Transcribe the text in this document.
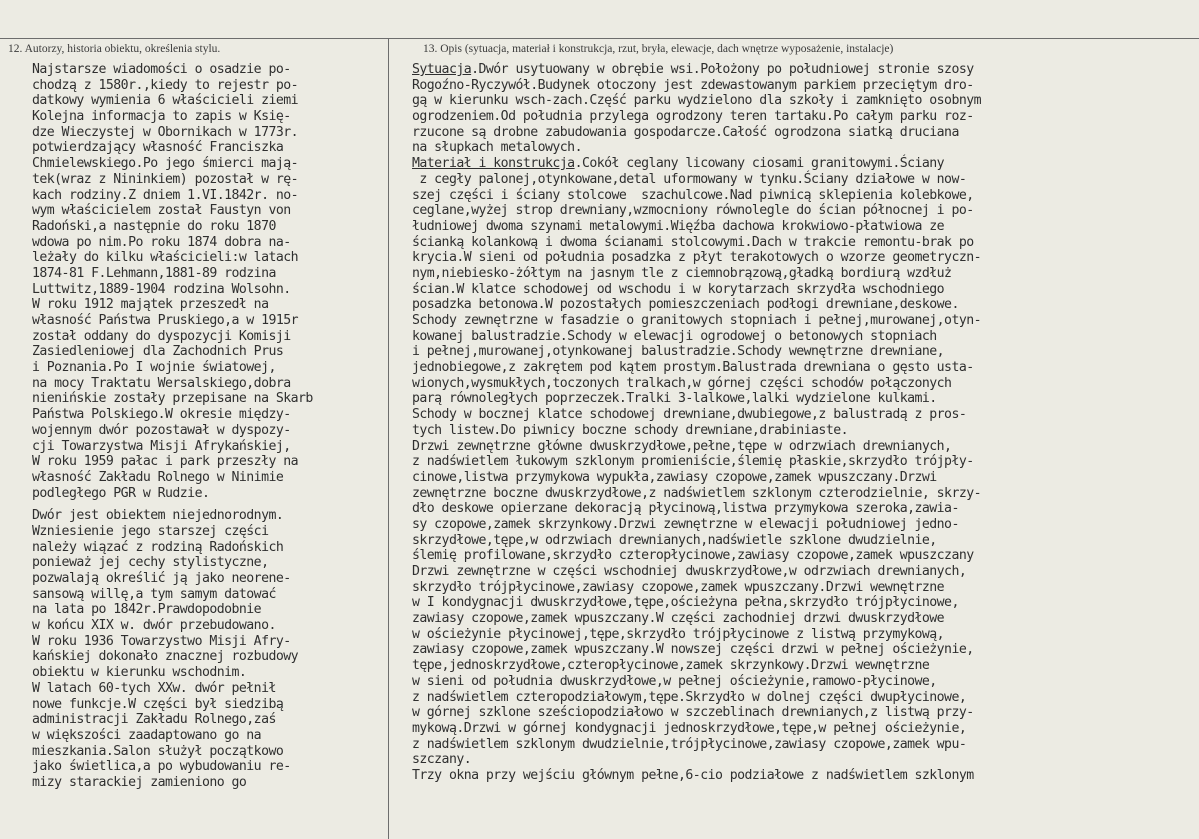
12. Autorzy, historia obiektu, określenia stylu.	13. Opis (sytuacja, materiał i konstrukcja, rzut, bryła, elewacje, dach wnętrze wyposażenie, instalacje)
Najstarsze wiadomości o osadzie po-
chodzą z 1580r.,kiedy to rejestr po-
datkowy wymienia 6 właścicieli ziemi
Kolejna informacja to zapis w Księ-
dze Wieczystej w Obornikach w 1773r.
potwierdzający własność Franciszka
Chmielewskiego.Po jego śmierci mają-
tek(wraz z Nininkiem) pozostał w rę-
kach rodziny.Z dniem 1.VI.1842r. no-
wym właścicielem został Faustyn von
Radoński,a następnie do roku 1870
wdowa po nim.Po roku 1874 dobra na-
leżały do kilku właścicieli:w latach
1874-81 F.Lehmann,1881-89 rodzina
Luttwitz,1889-1904 rodzina Wolsohn.
W roku 1912 majątek przeszedł na
własność Państwa Pruskiego,a w 1915r
został oddany do dyspozycji Komisji
Zasiedleniowej dla Zachodnich Prus
i Poznania.Po I wojnie światowej,
na mocy Traktatu Wersalskiego,dobra
nienińskie zostały przepisane na Skarb
Państwa Polskiego.W okresie między-
wojennym dwór pozostawał w dyspozy-
cji Towarzystwa Misji Afrykańskiej,
W roku 1959 pałac i park przeszły na
własność Zakładu Rolnego w Ninimie
podległego PGR w Rudzie.
Dwór jest obiektem niejednorodnym.
Wzniesienie jego starszej części
należy wiązać z rodziną Radońskich
ponieważ jej cechy stylistyczne,
pozwalają określić ją jako neorene-
sansową willę,a tym samym datować
na lata po 1842r.Prawdopodobnie
w końcu XIX w. dwór przebudowano.
W roku 1936 Towarzystwo Misji Afry-
kańskiej dokonało znacznej rozbudowy
obiektu w kierunku wschodnim.
W latach 60-tych XXw. dwór pełnił
nowe funkcje.W części był siedzibą
administracji Zakładu Rolnego,zaś
w większości zaadaptowano go na
mieszkania.Salon służył początkowo
jako świetlica,a po wybudowaniu re-
mizy starackiej zamieniono go
Sytuacja.Dwór usytuowany w obrębie wsi.Położony po południowej stronie szosy
Rogoźno-Ryczywół.Budynek otoczony jest zdewastowanym parkiem przeciętym dro-
gą w kierunku wsch-zach.Część parku wydzielono dla szkoły i zamknięto osobnym
ogrodzeniem.Od południa przylega ogrodzony teren tartaku.Po całym parku roz-
rzucone są drobne zabudowania gospodarcze.Całość ogrodzona siatką druciana
na słupkach metalowych.
Materiał i konstrukcja.Cokół ceglany licowany ciosami granitowymi.Ściany
z cegły palonej,otynkowane,detal uformowany w tynku.Ściany działowe w now-
szej części i ściany stolcowe  szachulcowe.Nad piwnicą sklepienia kolebkowe,
ceglane,wyżej strop drewniany,wzmocniony równolegle do ścian północnej i po-
łudniowej dwoma szynami metalowymi.Więźba dachowa krokwiowo-płatwiowa ze
ścianką kolankową i dwoma ścianami stolcowymi.Dach w trakcie remontu-brak po
krycia.W sieni od południa posadzka z płyt terakotowych o wzorze geometryczn-
nym,niebiesko-żółtym na jasnym tle z ciemnobrązową,gładką bordiurą wzdłuż
ścian.W klatce schodowej od wschodu i w korytarzach skrzydła wschodniego
posadzka betonowa.W pozostałych pomieszczeniach podłogi drewniane,deskowe.
Schody zewnętrzne w fasadzie o granitowych stopniach i pełnej,murowanej,otyn-
kowanej balustradzie.Schody w elewacji ogrodowej o betonowych stopniach
i pełnej,murowanej,otynkowanej balustradzie.Schody wewnętrzne drewniane,
jednobiegowe,z zakrętem pod kątem prostym.Balustrada drewniana o gęsto usta-
wionych,wysmukłych,toczonych tralkach,w górnej części schodów połączonych
parą równoległych poprzeczek.Tralki 3-lalkowe,lalki wydzielone kulkami.
Schody w bocznej klatce schodowej drewniane,dwubiegowe,z balustradą z pros-
tych listew.Do piwnicy boczne schody drewniane,drabiniaste.
Drzwi zewnętrzne główne dwuskrzydłowe,pełne,tępe w odrzwiach drewnianych,
z nadświetlem łukowym szklonym promieniście,ślemię płaskie,skrzydło trójpły-
cinowe,listwa przymykowa wypukła,zawiasy czopowe,zamek wpuszczany.Drzwi
zewnętrzne boczne dwuskrzydłowe,z nadświetlem szklonym czterodzielnie, skrzy-
dło deskowe opierzane dekoracją płycinową,listwa przymykowa szeroka,zawia-
sy czopowe,zamek skrzynkowy.Drzwi zewnętrzne w elewacji południowej jedno-
skrzydłowe,tępe,w odrzwiach drewnianych,nadświetle szklone dwudzielnie,
ślemię profilowane,skrzydło czteropłycinowe,zawiasy czopowe,zamek wpuszczany
Drzwi zewnętrzne w części wschodniej dwuskrzydłowe,w odrzwiach drewnianych,
skrzydło trójpłycinowe,zawiasy czopowe,zamek wpuszczany.Drzwi wewnętrzne
w I kondygnacji dwuskrzydłowe,tępe,ościeżyna pełna,skrzydło trójpłycinowe,
zawiasy czopowe,zamek wpuszczany.W części zachodniej drzwi dwuskrzydłowe
w ościeżynie płycinowej,tępe,skrzydło trójpłycinowe z listwą przymykową,
zawiasy czopowe,zamek wpuszczany.W nowszej części drzwi w pełnej ościeżynie,
tępe,jednoskrzydłowe,czteropłycinowe,zamek skrzynkowy.Drzwi wewnętrzne
w sieni od południa dwuskrzydłowe,w pełnej ościeżynie,ramowo-płycinowe,
z nadświetlem czteropodziałowym,tępe.Skrzydło w dolnej części dwupłycinowe,
w górnej szklone sześciopodziałowo w szczeblinach drewnianych,z listwą przy-
mykową.Drzwi w górnej kondygnacji jednoskrzydłowe,tępe,w pełnej ościeżynie,
z nadświetlem szklonym dwudzielnie,trójpłycinowe,zawiasy czopowe,zamek wpu-
szczany.
Trzy okna przy wejściu głównym pełne,6-cio podziałowe z nadświetlem szklonym
